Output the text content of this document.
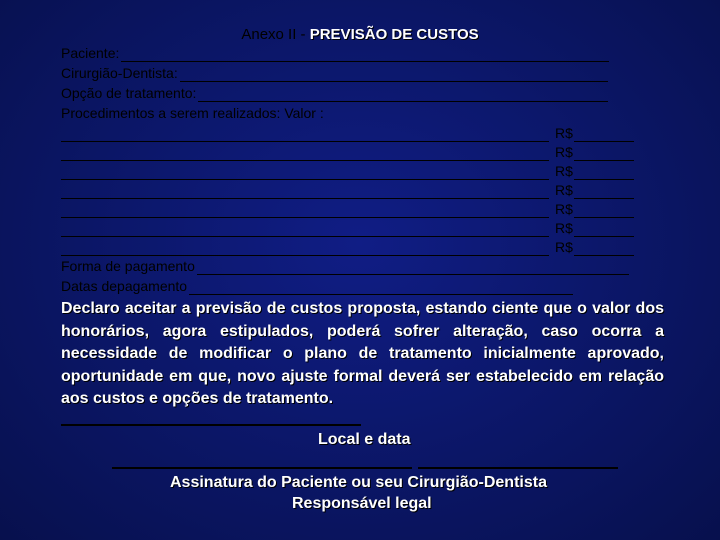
Anexo II - PREVISÃO DE CUSTOS
Paciente:
Cirurgião-Dentista:
Opção de tratamento:
Procedimentos a serem realizados: Valor :
R$
R$
R$
R$
R$
R$
R$
Forma de pagamento
Datas depagamento
Declaro aceitar a previsão de custos proposta, estando ciente que o valor dos honorários, agora estipulados, poderá sofrer alteração, caso ocorra a necessidade de modificar o plano de tratamento inicialmente aprovado, oportunidade em que, novo ajuste formal deverá ser estabelecido em relação aos custos e opções de tratamento.
Local e data
Assinatura do Paciente ou seu Cirurgião-Dentista
Responsável legal
